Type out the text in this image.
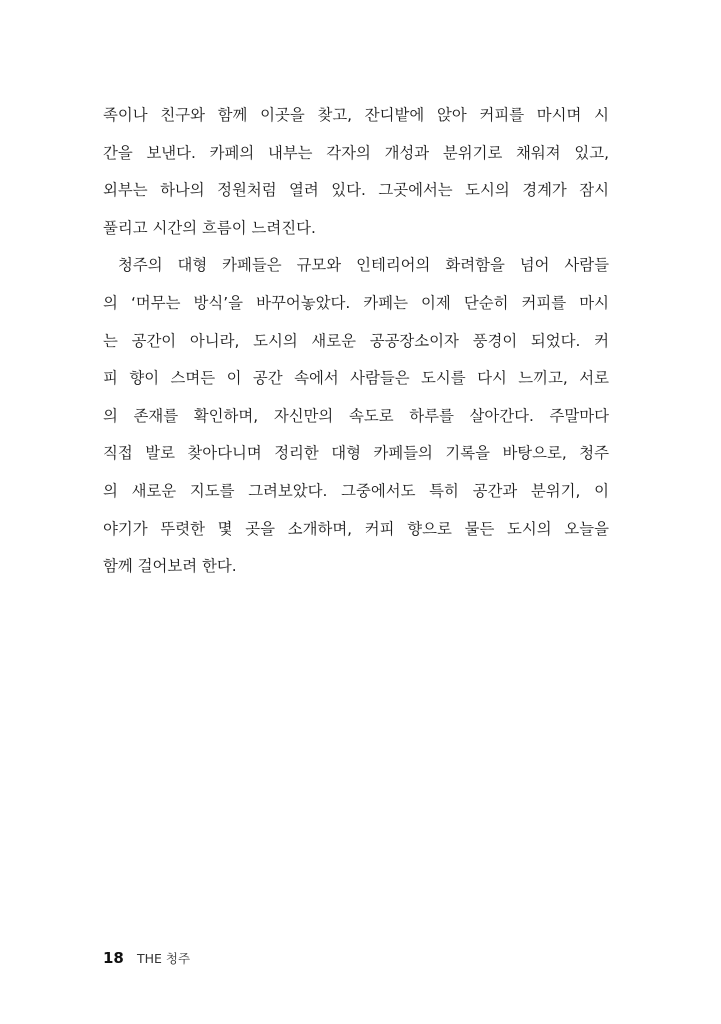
족이나 친구와 함께 이곳을 찾고, 잔디밭에 앉아 커피를 마시며 시
간을 보낸다. 카페의 내부는 각자의 개성과 분위기로 채워져 있고,
외부는 하나의 정원처럼 열려 있다. 그곳에서는 도시의 경계가 잠시
풀리고 시간의 흐름이 느려진다.
청주의 대형 카페들은 규모와 인테리어의 화려함을 넘어 사람들
의 ‘머무는 방식’을 바꾸어놓았다. 카페는 이제 단순히 커피를 마시
는 공간이 아니라, 도시의 새로운 공공장소이자 풍경이 되었다. 커
피 향이 스며든 이 공간 속에서 사람들은 도시를 다시 느끼고, 서로
의 존재를 확인하며, 자신만의 속도로 하루를 살아간다. 주말마다
직접 발로 찾아다니며 정리한 대형 카페들의 기록을 바탕으로, 청주
의 새로운 지도를 그려보았다. 그중에서도 특히 공간과 분위기, 이
야기가 뚜렷한 몇 곳을 소개하며, 커피 향으로 물든 도시의 오늘을
함께 걸어보려 한다.
18 THE 청주
